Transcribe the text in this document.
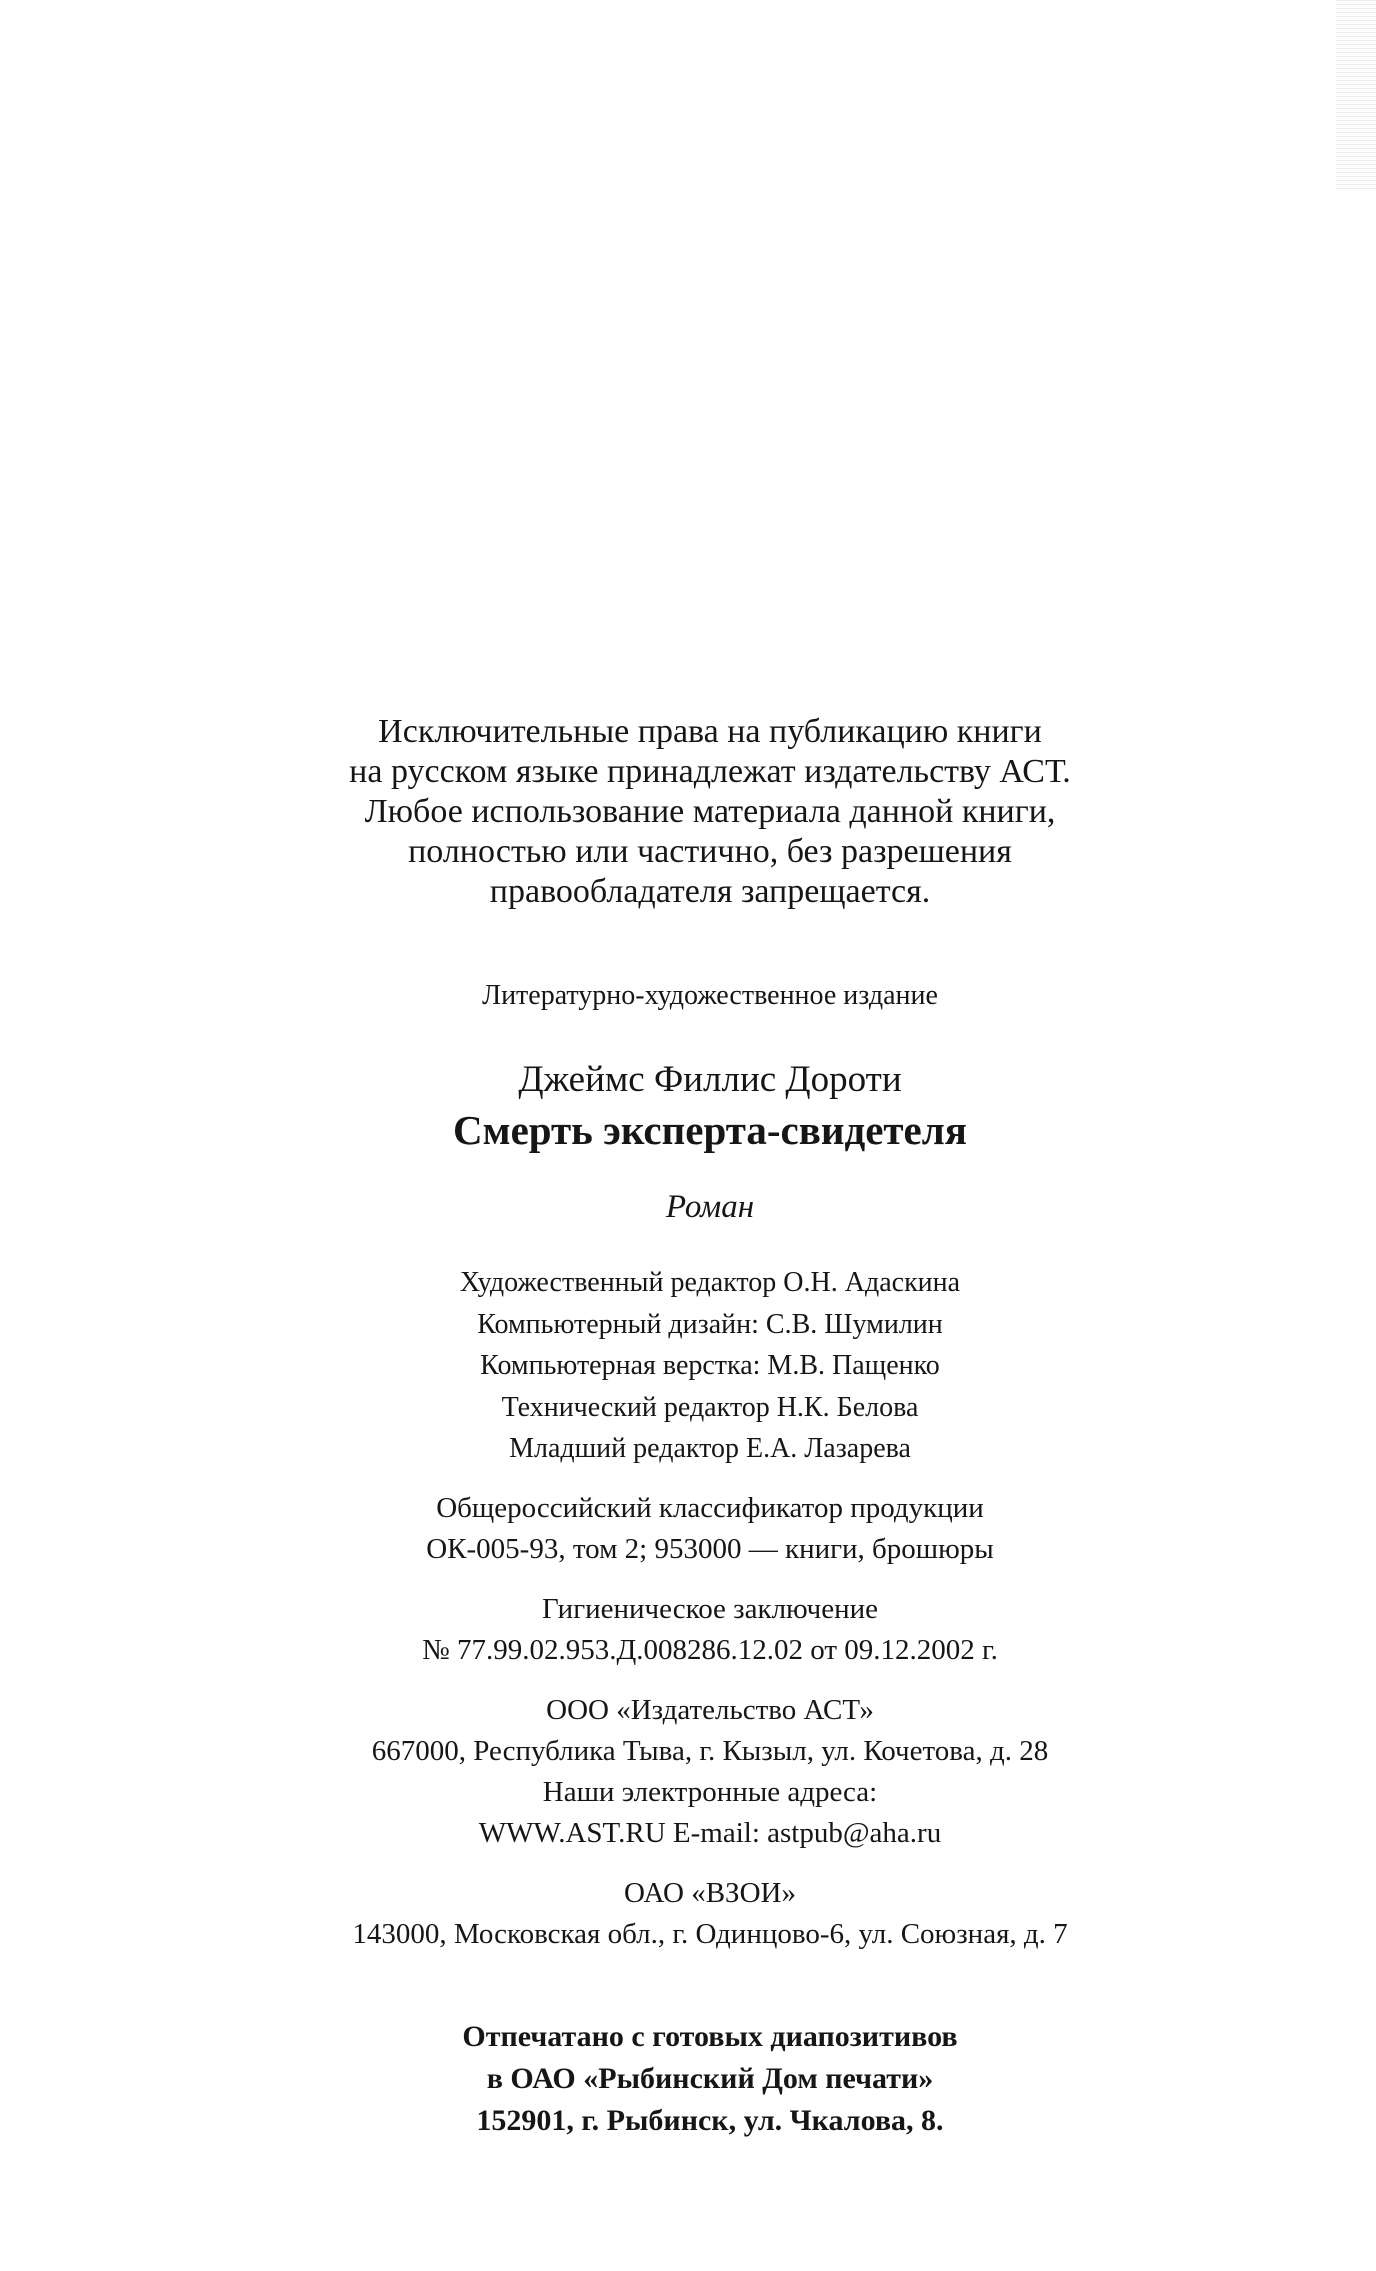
Исключительные права на публикацию книги
на русском языке принадлежат издательству АСТ.
Любое использование материала данной книги,
полностью или частично, без разрешения
правообладателя запрещается.
Литературно-художественное издание
Джеймс Филлис Дороти
Смерть эксперта-свидетеля
Роман
Художественный редактор О.Н. Адаскина
Компьютерный дизайн: С.В. Шумилин
Компьютерная верстка: М.В. Пащенко
Технический редактор Н.К. Белова
Младший редактор Е.А. Лазарева
Общероссийский классификатор продукции
ОК-005-93, том 2; 953000 — книги, брошюры
Гигиеническое заключение
№ 77.99.02.953.Д.008286.12.02 от 09.12.2002 г.
ООО «Издательство АСТ»
667000, Республика Тыва, г. Кызыл, ул. Кочетова, д. 28
Наши электронные адреса:
WWW.AST.RU E-mail: astpub@aha.ru
ОАО «ВЗОИ»
143000, Московская обл., г. Одинцово-6, ул. Союзная, д. 7
Отпечатано с готовых диапозитивов
в ОАО «Рыбинский Дом печати»
152901, г. Рыбинск, ул. Чкалова, 8.
